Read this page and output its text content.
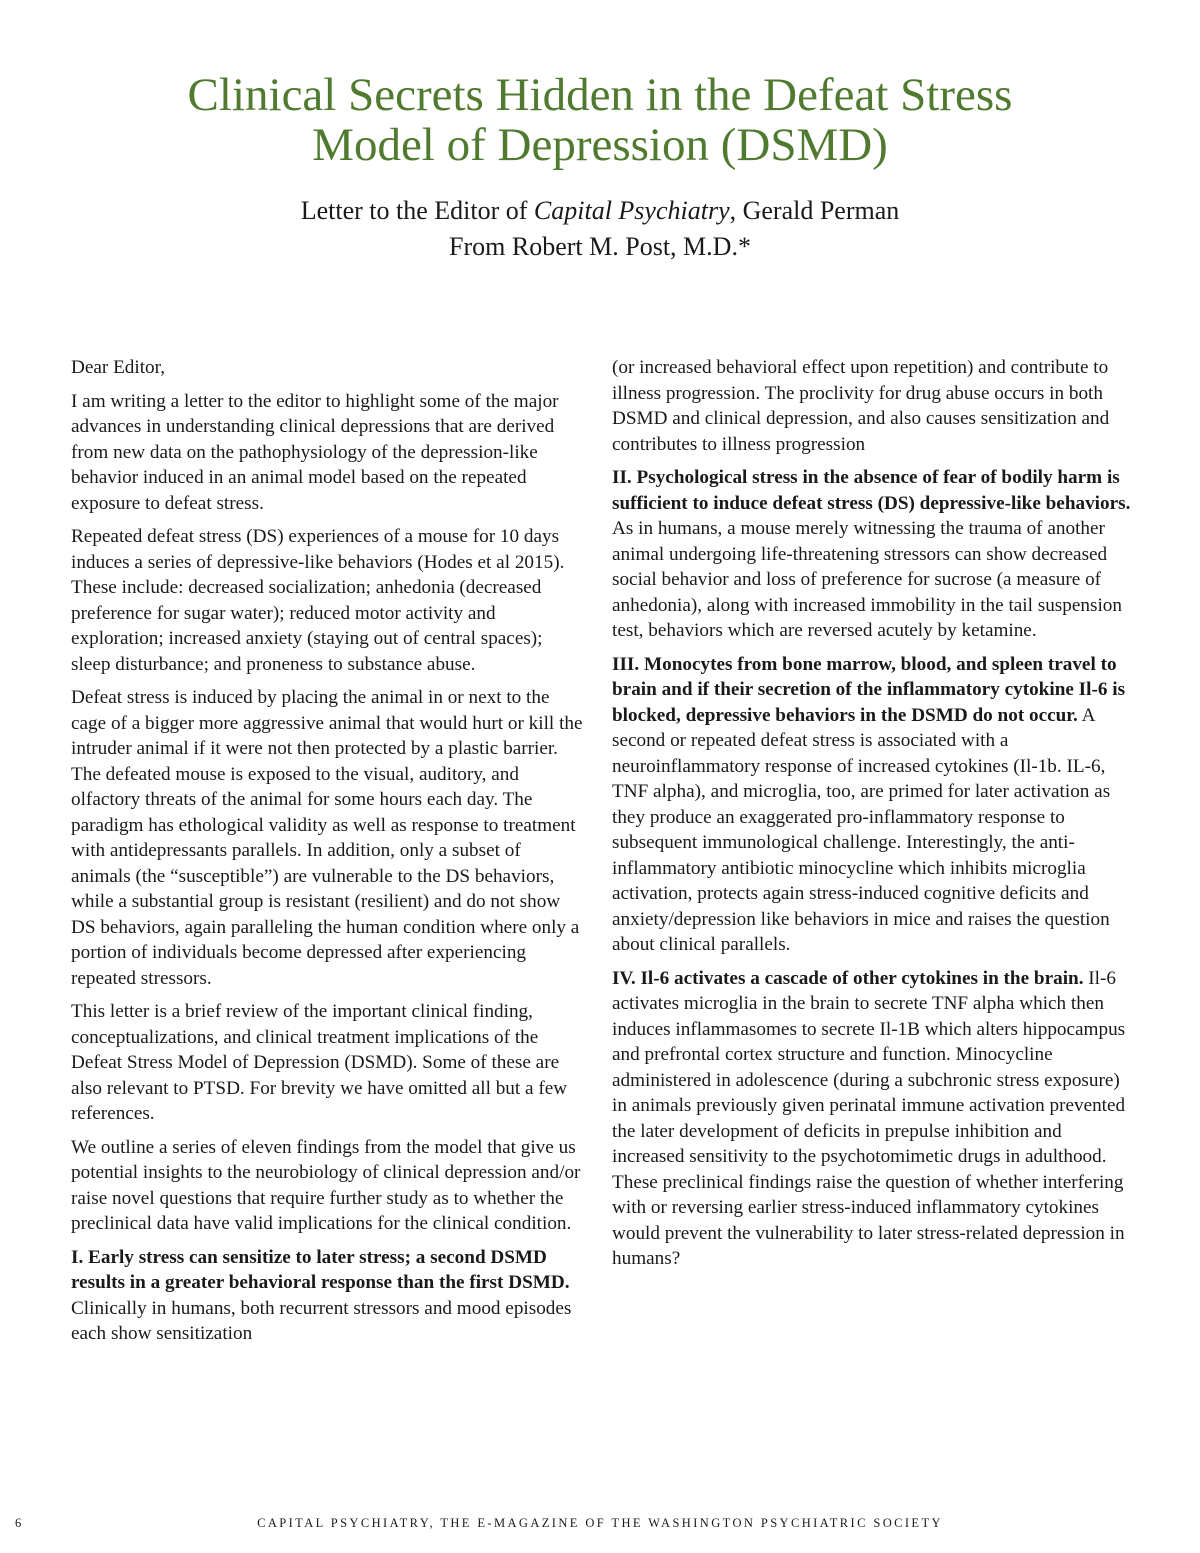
Clinical Secrets Hidden in the Defeat Stress
Model of Depression (DSMD)
Letter to the Editor of Capital Psychiatry, Gerald Perman
From Robert M. Post, M.D.*

Dear Editor,

I am writing a letter to the editor to highlight some of the major advances in understanding clinical depressions that are derived from new data on the pathophysiology of the depression-like behavior induced in an animal model based on the repeated exposure to defeat stress.

Repeated defeat stress (DS) experiences of a mouse for 10 days induces a series of depressive-like behaviors (Hodes et al 2015). These include: decreased socialization; anhedonia (decreased preference for sugar water); reduced motor activity and exploration; increased anxiety (staying out of central spaces); sleep disturbance; and proneness to substance abuse.

Defeat stress is induced by placing the animal in or next to the cage of a bigger more aggressive animal that would hurt or kill the intruder animal if it were not then protected by a plastic barrier. The defeated mouse is exposed to the visual, auditory, and olfactory threats of the animal for some hours each day. The paradigm has ethological validity as well as response to treatment with antidepressants parallels. In addition, only a subset of animals (the “susceptible”) are vulnerable to the DS behaviors, while a substantial group is resistant (resilient) and do not show DS behaviors, again paralleling the human condition where only a portion of individuals become depressed after experiencing repeated stressors.

This letter is a brief review of the important clinical finding, conceptualizations, and clinical treatment implications of the Defeat Stress Model of Depression (DSMD). Some of these are also relevant to PTSD. For brevity we have omitted all but a few references.

We outline a series of eleven findings from the model that give us potential insights to the neurobiology of clinical depression and/or raise novel questions that require further study as to whether the preclinical data have valid implications for the clinical condition.

I. Early stress can sensitize to later stress; a second DSMD results in a greater behavioral response than the first DSMD. Clinically in humans, both recurrent stressors and mood episodes each show sensitization

(or increased behavioral effect upon repetition) and contribute to illness progression. The proclivity for drug abuse occurs in both DSMD and clinical depression, and also causes sensitization and contributes to illness progression

II. Psychological stress in the absence of fear of bodily harm is sufficient to induce defeat stress (DS) depressive-like behaviors. As in humans, a mouse merely witnessing the trauma of another animal undergoing life-threatening stressors can show decreased social behavior and loss of preference for sucrose (a measure of anhedonia), along with increased immobility in the tail suspension test, behaviors which are reversed acutely by ketamine.

III. Monocytes from bone marrow, blood, and spleen travel to brain and if their secretion of the inflammatory cytokine Il-6 is blocked, depressive behaviors in the DSMD do not occur. A second or repeated defeat stress is associated with a neuroinflammatory response of increased cytokines (Il-1b. IL-6, TNF alpha), and microglia, too, are primed for later activation as they produce an exaggerated pro-inflammatory response to subsequent immunological challenge. Interestingly, the anti-inflammatory antibiotic minocycline which inhibits microglia activation, protects again stress-induced cognitive deficits and anxiety/depression like behaviors in mice and raises the question about clinical parallels.

IV. Il-6 activates a cascade of other cytokines in the brain. Il-6 activates microglia in the brain to secrete TNF alpha which then induces inflammasomes to secrete Il-1B which alters hippocampus and prefrontal cortex structure and function. Minocycline administered in adolescence (during a subchronic stress exposure) in animals previously given perinatal immune activation prevented the later development of deficits in prepulse inhibition and increased sensitivity to the psychotomimetic drugs in adulthood. These preclinical findings raise the question of whether interfering with or reversing earlier stress-induced inflammatory cytokines would prevent the vulnerability to later stress-related depression in humans?

6	CAPITAL PSYCHIATRY, THE E-MAGAZINE OF THE WASHINGTON PSYCHIATRIC SOCIETY
